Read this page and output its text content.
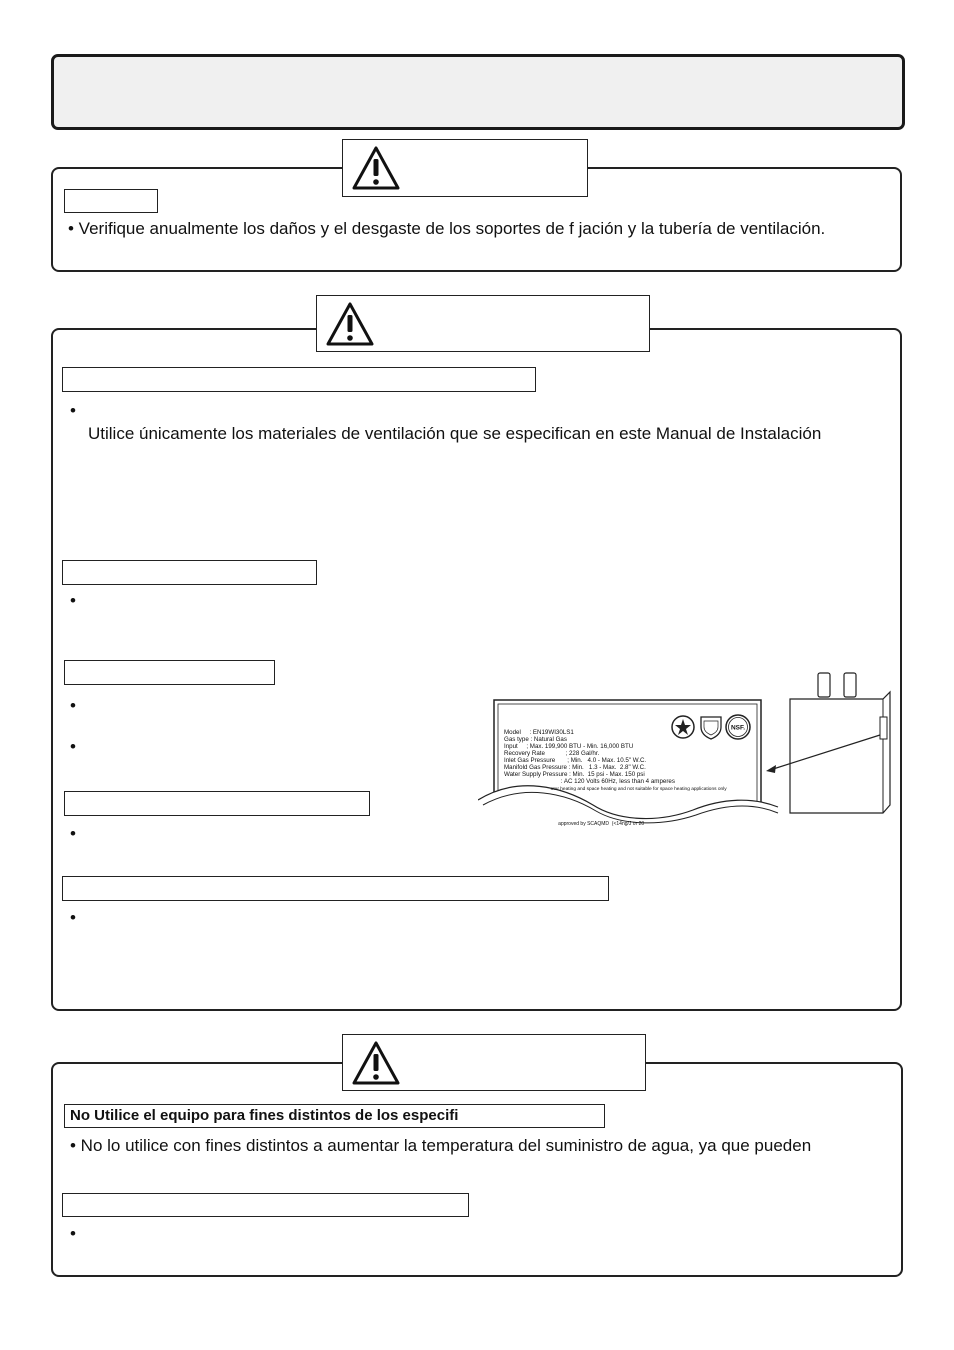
• Verifique anualmente los daños y el desgaste de los soportes de f jación y la tubería de ventilación.
•
Utilice únicamente los materiales de ventilación que se especifican en este Manual de Instalación
•
•
•
•
•
Model     : EN19WI30LS1
Gas type : Natural Gas
Input     ; Max. 199,900 BTU - Min. 16,000 BTU
Recovery Rate            ; 228 Gal/hr.
Inlet Gas Pressure       ; Min.   4.0 - Max. 10.5" W.C.
Manifold Gas Pressure : Min.   1.3 - Max.  2.8" W.C.
Water Supply Pressure : Min.  15 psi - Max. 150 psi
: AC 120 Volts 60Hz, less than 4 amperes
ater heating and space heating and not suitable for space heating applications only
approved by SCAQMD  (<14ng/J or 20
NSF.
No Utilice el equipo para fines distintos de los especifi
• No lo utilice con fines distintos a aumentar la temperatura del suministro de agua, ya que pueden
•
